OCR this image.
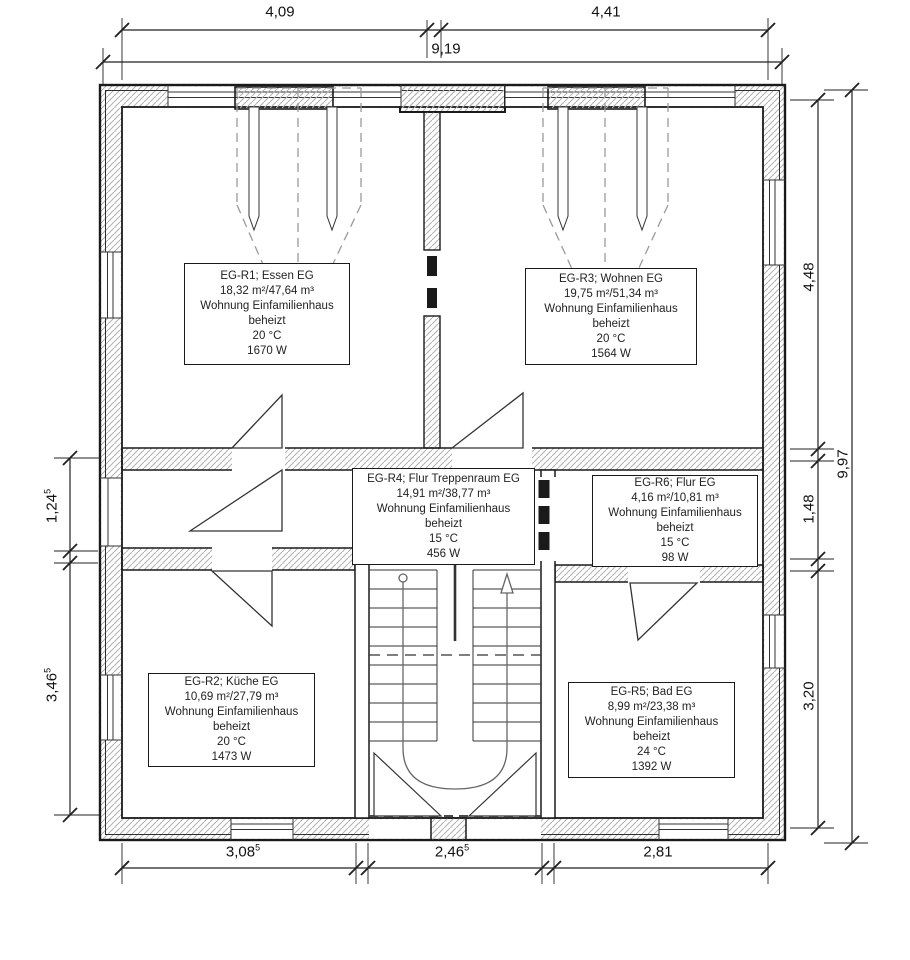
EG-R1; Essen EG
18,32 m²/47,64 m³
Wohnung Einfamilienhaus
beheizt
20 °C
1670 W
EG-R3; Wohnen EG
19,75 m²/51,34 m³
Wohnung Einfamilienhaus
beheizt
20 °C
1564 W
EG-R4; Flur Treppenraum EG
14,91 m²/38,77 m³
Wohnung Einfamilienhaus
beheizt
15 °C
456 W
EG-R6; Flur EG
4,16 m²/10,81 m³
Wohnung Einfamilienhaus
beheizt
15 °C
98 W
EG-R2; Küche EG
10,69 m²/27,79 m³
Wohnung Einfamilienhaus
beheizt
20 °C
1473 W
EG-R5; Bad EG
8,99 m²/23,38 m³
Wohnung Einfamilienhaus
beheizt
24 °C
1392 W
4,09	4,41
9,19
3,08$^5$	2,46$^5$	2,81
1,24$^5$
3,46$^5$
4,48
1,48
3,20
9,97
